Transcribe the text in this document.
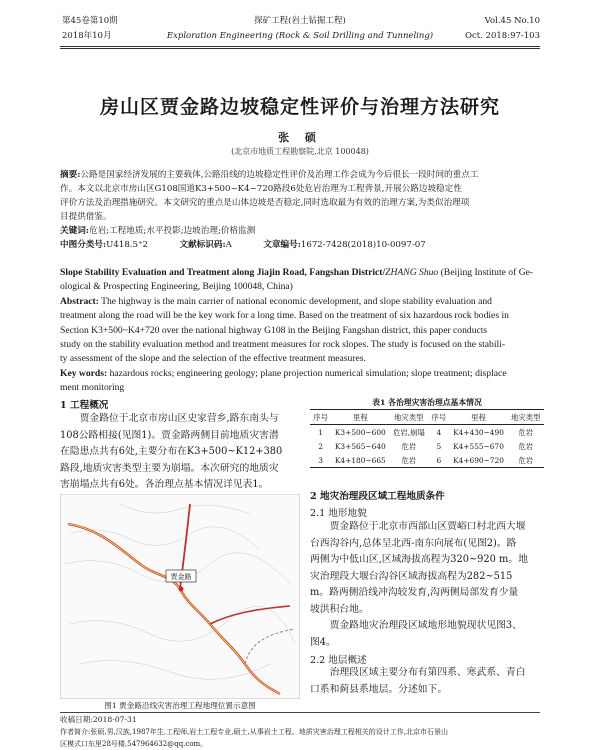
第45卷第10期
2018年10月
探矿工程(岩土钻掘工程)
Exploration Engineering (Rock & Soil Drilling and Tunneling)
Vol.45 No.10
Oct. 2018:97-103
房山区贾金路边坡稳定性评价与治理方法研究
张 硕
(北京市地质工程勘察院,北京 100048)
摘要:公路是国家经济发展的主要载体,公路沿线的边坡稳定性评价及治理工作会成为今后很长一段时间的重点工
作。本文以北京市房山区G108国道K3+500~K4~720路段6处危岩治理为工程背景,开展公路边坡稳定性
评价方法及治理措施研究。本文研究的重点是山体边坡是否稳定,同时选取最为有效的治理方案,为类似治理项
目提供借鉴。
关键词:危岩;工程地质;水平投影;边坡治理;价格监测
中图分类号:U418.5⁺2	文献标识码:A	文章编号:1672-7428(2018)10-0097-07
Slope Stability Evaluation and Treatment along Jiajin Road, Fangshan District/ZHANG Shuo (Beijing Institute of Ge-
ological & Prospecting Engineering, Beijing 100048, China)
Abstract: The highway is the main carrier of national economic development, and slope stability evaluation and
treatment along the road will be the key work for a long time. Based on the treatment of six hazardous rock bodies in
Section K3+500~K4+720 over the national highway G108 in the Beijing Fangshan district, this paper conducts
study on the stability evaluation method and treatment measures for rock slopes. The study is focused on the stabili-
ty assessment of the slope and the selection of the effective treatment measures.
Key words: hazardous rocks; engineering geology; plane projection numerical simulation; slope treatment; displace
ment monitoring
1 工程概况
贾金路位于北京市房山区史家营乡,路东南头与
108公路相接(见图1)。贾金路两侧目前地质灾害潜
在隐患点共有6处,主要分布在K3+500~K12+380
路段,地质灾害类型主要为崩塌。本次研究的地质灾
害崩塌点共有6处。各治理点基本情况详见表1。
贾金路
图1 贾金路沿线灾害治理工程地理位置示意图
表1 各治理灾害治理点基本情况
序号	里程	地灾类型	序号	里程	地灾类型
1	K3+500~600	危岩,崩塌	4	K4+430~490	危岩
2	K3+565~640	危岩	5	K4+555~670	危岩
3	K4+180~665	危岩	6	K4+690~720	危岩
2 地灾治理段区域工程地质条件
2.1 地形地貌
贾金路位于北京市西部山区贾峪口村北西大堰
台西沟谷内,总体呈北西-南东向展布(见图2)。路
两侧为中低山区,区域海拔高程为320~920 m。地
灾治理段大堰台沟谷区域海拔高程为282~515
m。路两侧沿线冲沟较发育,沟两侧局部发育少量
坡洪积台地。
贾金路地灾治理段区域地形地貌现状见图3、
图4。
2.2 地层概述
治理段区域主要分布有第四系、寒武系、青白
口系和蓟县系地层。分述如下。
收稿日期:2018-07-31
作者简介:张硕,男,汉族,1987年生,工程师,岩土工程专业,硕士,从事岩土工程、地质灾害治理工程相关的设计工作,北京市石景山
区模式口东里28号楼,547964632@qq.com。
